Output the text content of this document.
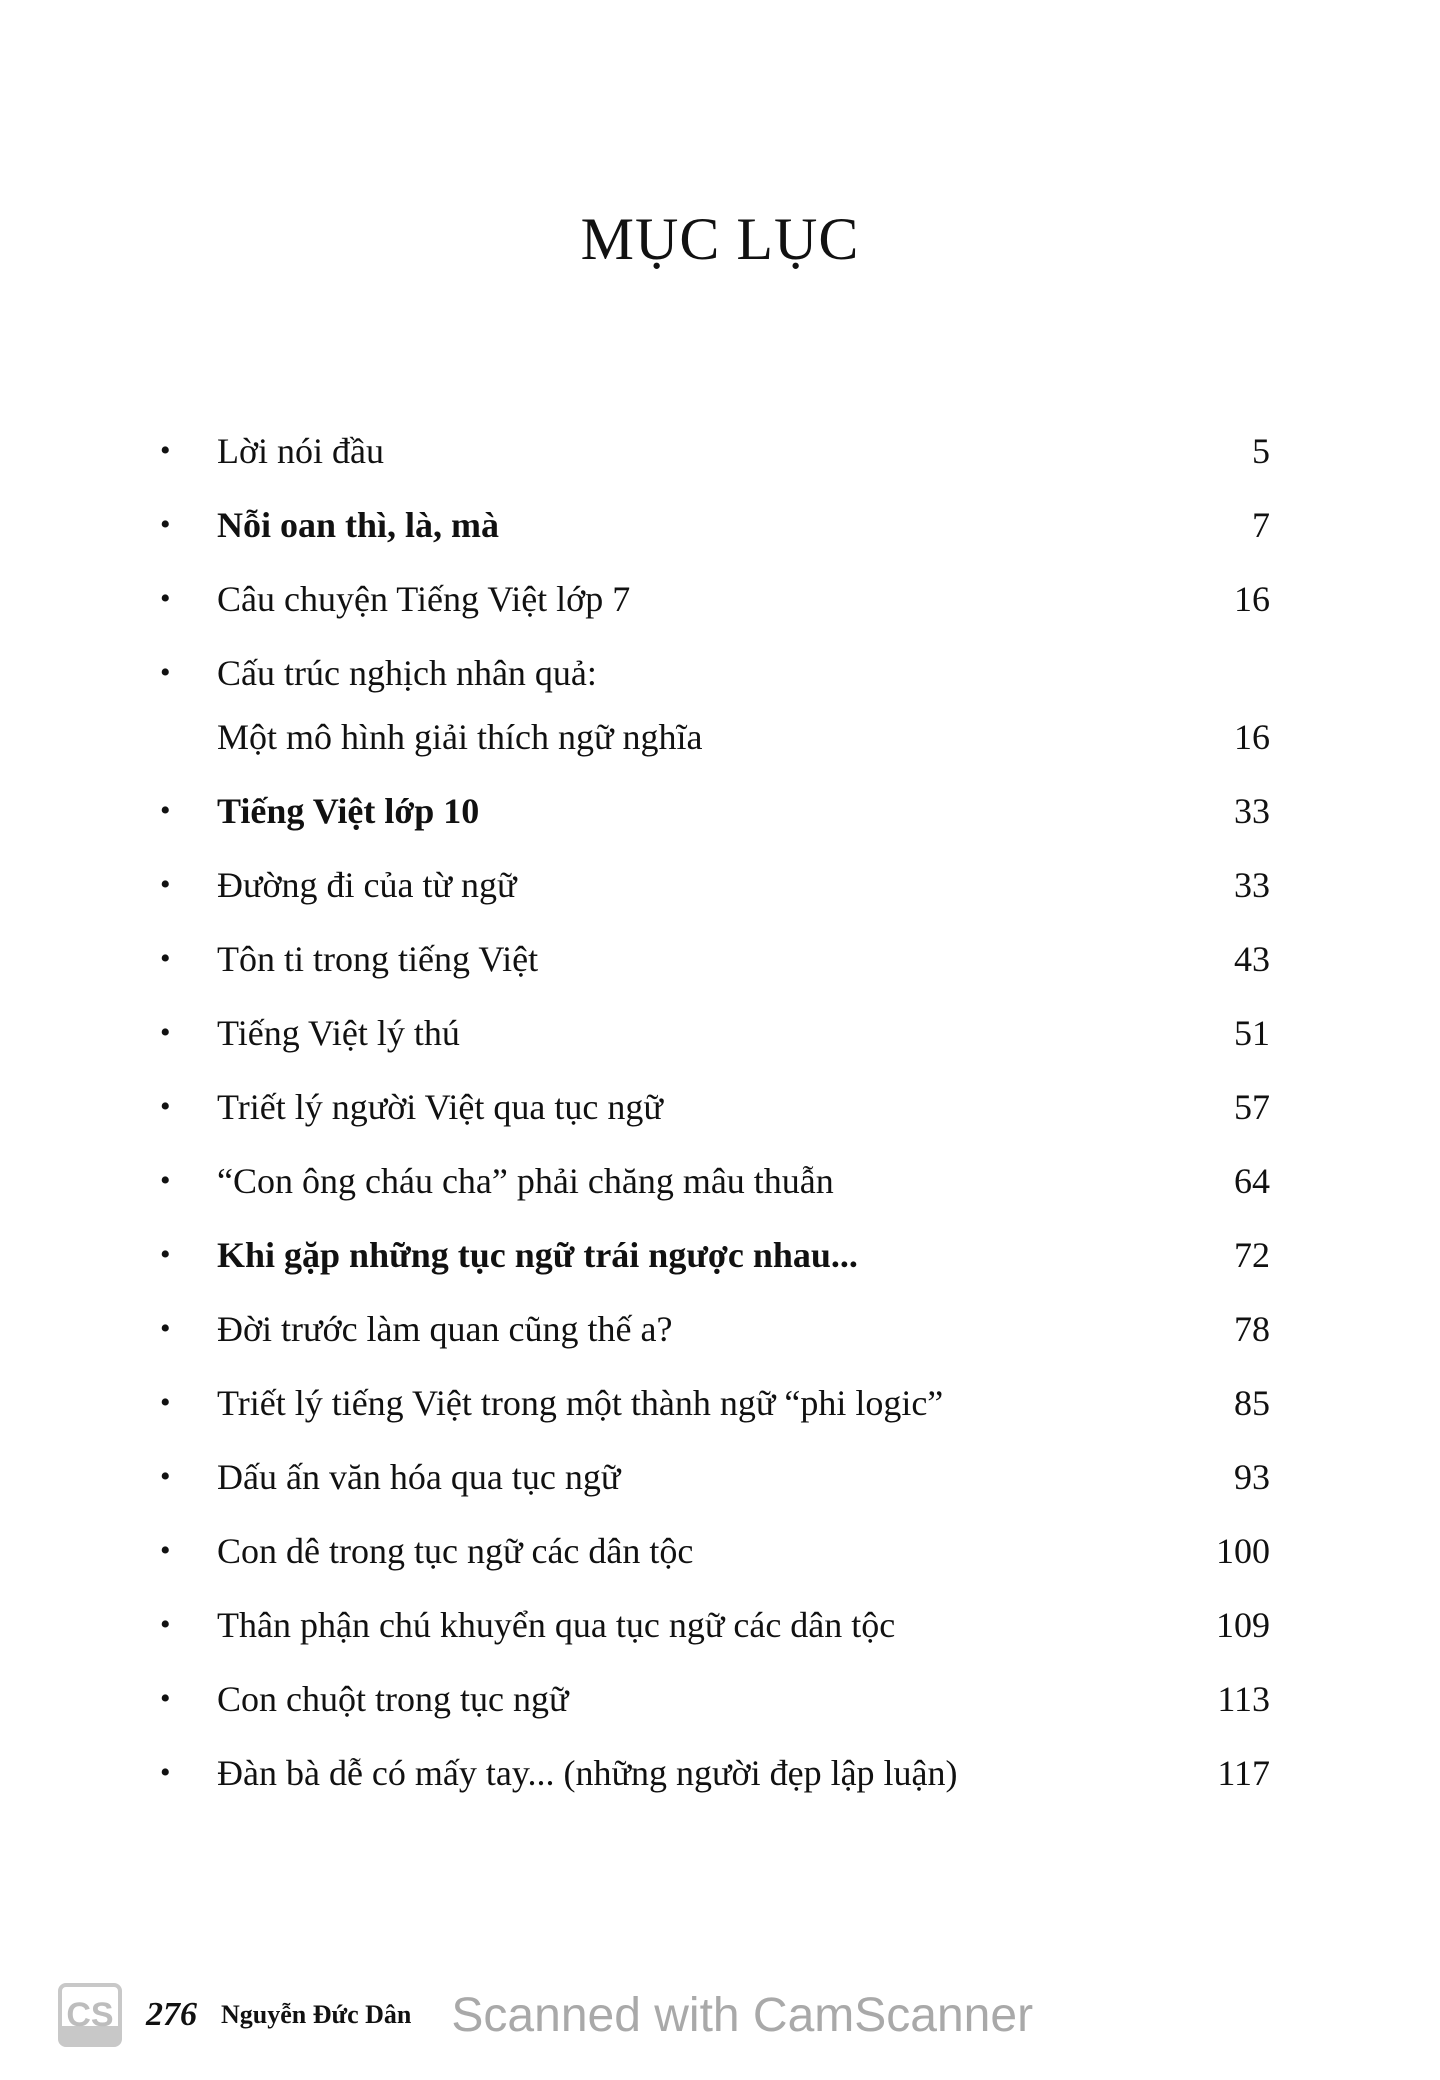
MỤC LỤC
•	Lời nói đầu	5
•	Nỗi oan thì, là, mà	7
•	Câu chuyện Tiếng Việt lớp 7	16
•	Cấu trúc nghịch nhân quả:
Một mô hình giải thích ngữ nghĩa	16
•	Tiếng Việt lớp 10	33
•	Đường đi của từ ngữ	33
•	Tôn ti trong tiếng Việt	43
•	Tiếng Việt lý thú	51
•	Triết lý người Việt qua tục ngữ	57
•	“Con ông cháu cha” phải chăng mâu thuẫn	64
•	Khi gặp những tục ngữ trái ngược nhau...	72
•	Đời trước làm quan cũng thế a?	78
•	Triết lý tiếng Việt trong một thành ngữ “phi logic”	85
•	Dấu ấn văn hóa qua tục ngữ	93
•	Con dê trong tục ngữ các dân tộc	100
•	Thân phận chú khuyển qua tục ngữ các dân tộc	109
•	Con chuột trong tục ngữ	113
•	Đàn bà dễ có mấy tay... (những người đẹp lập luận)	117
CS 276 Nguyễn Đức Dân Scanned with CamScanner
